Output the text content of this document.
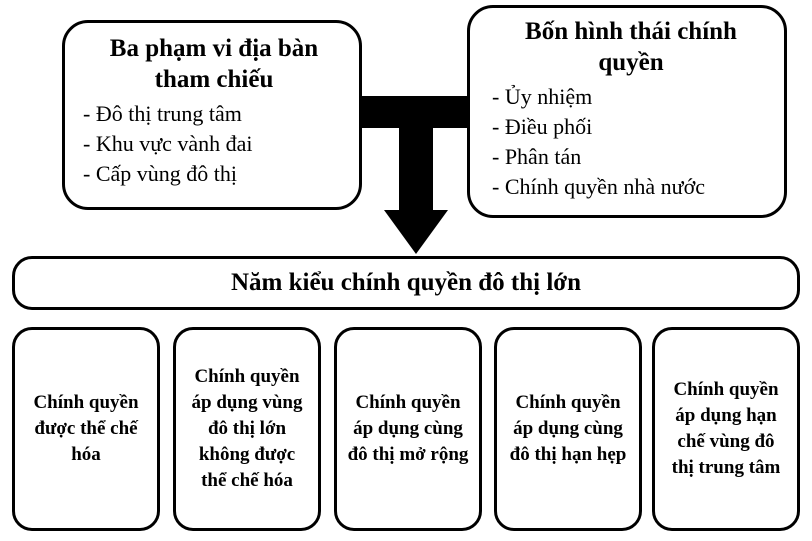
Ba phạm vi địa bàn tham chiếu
- Đô thị trung tâm
- Khu vực vành đai
- Cấp vùng đô thị
Bốn hình thái chính quyền
- Ủy nhiệm
- Điều phối
- Phân tán
- Chính quyền nhà nước
Năm kiểu chính quyền đô thị lớn
Chính quyền được thể chế hóa
Chính quyền áp dụng vùng đô thị lớn không được thể chế hóa
Chính quyền áp dụng cùng đô thị mở rộng
Chính quyền áp dụng cùng đô thị hạn hẹp
Chính quyền áp dụng hạn chế vùng đô thị trung tâm
